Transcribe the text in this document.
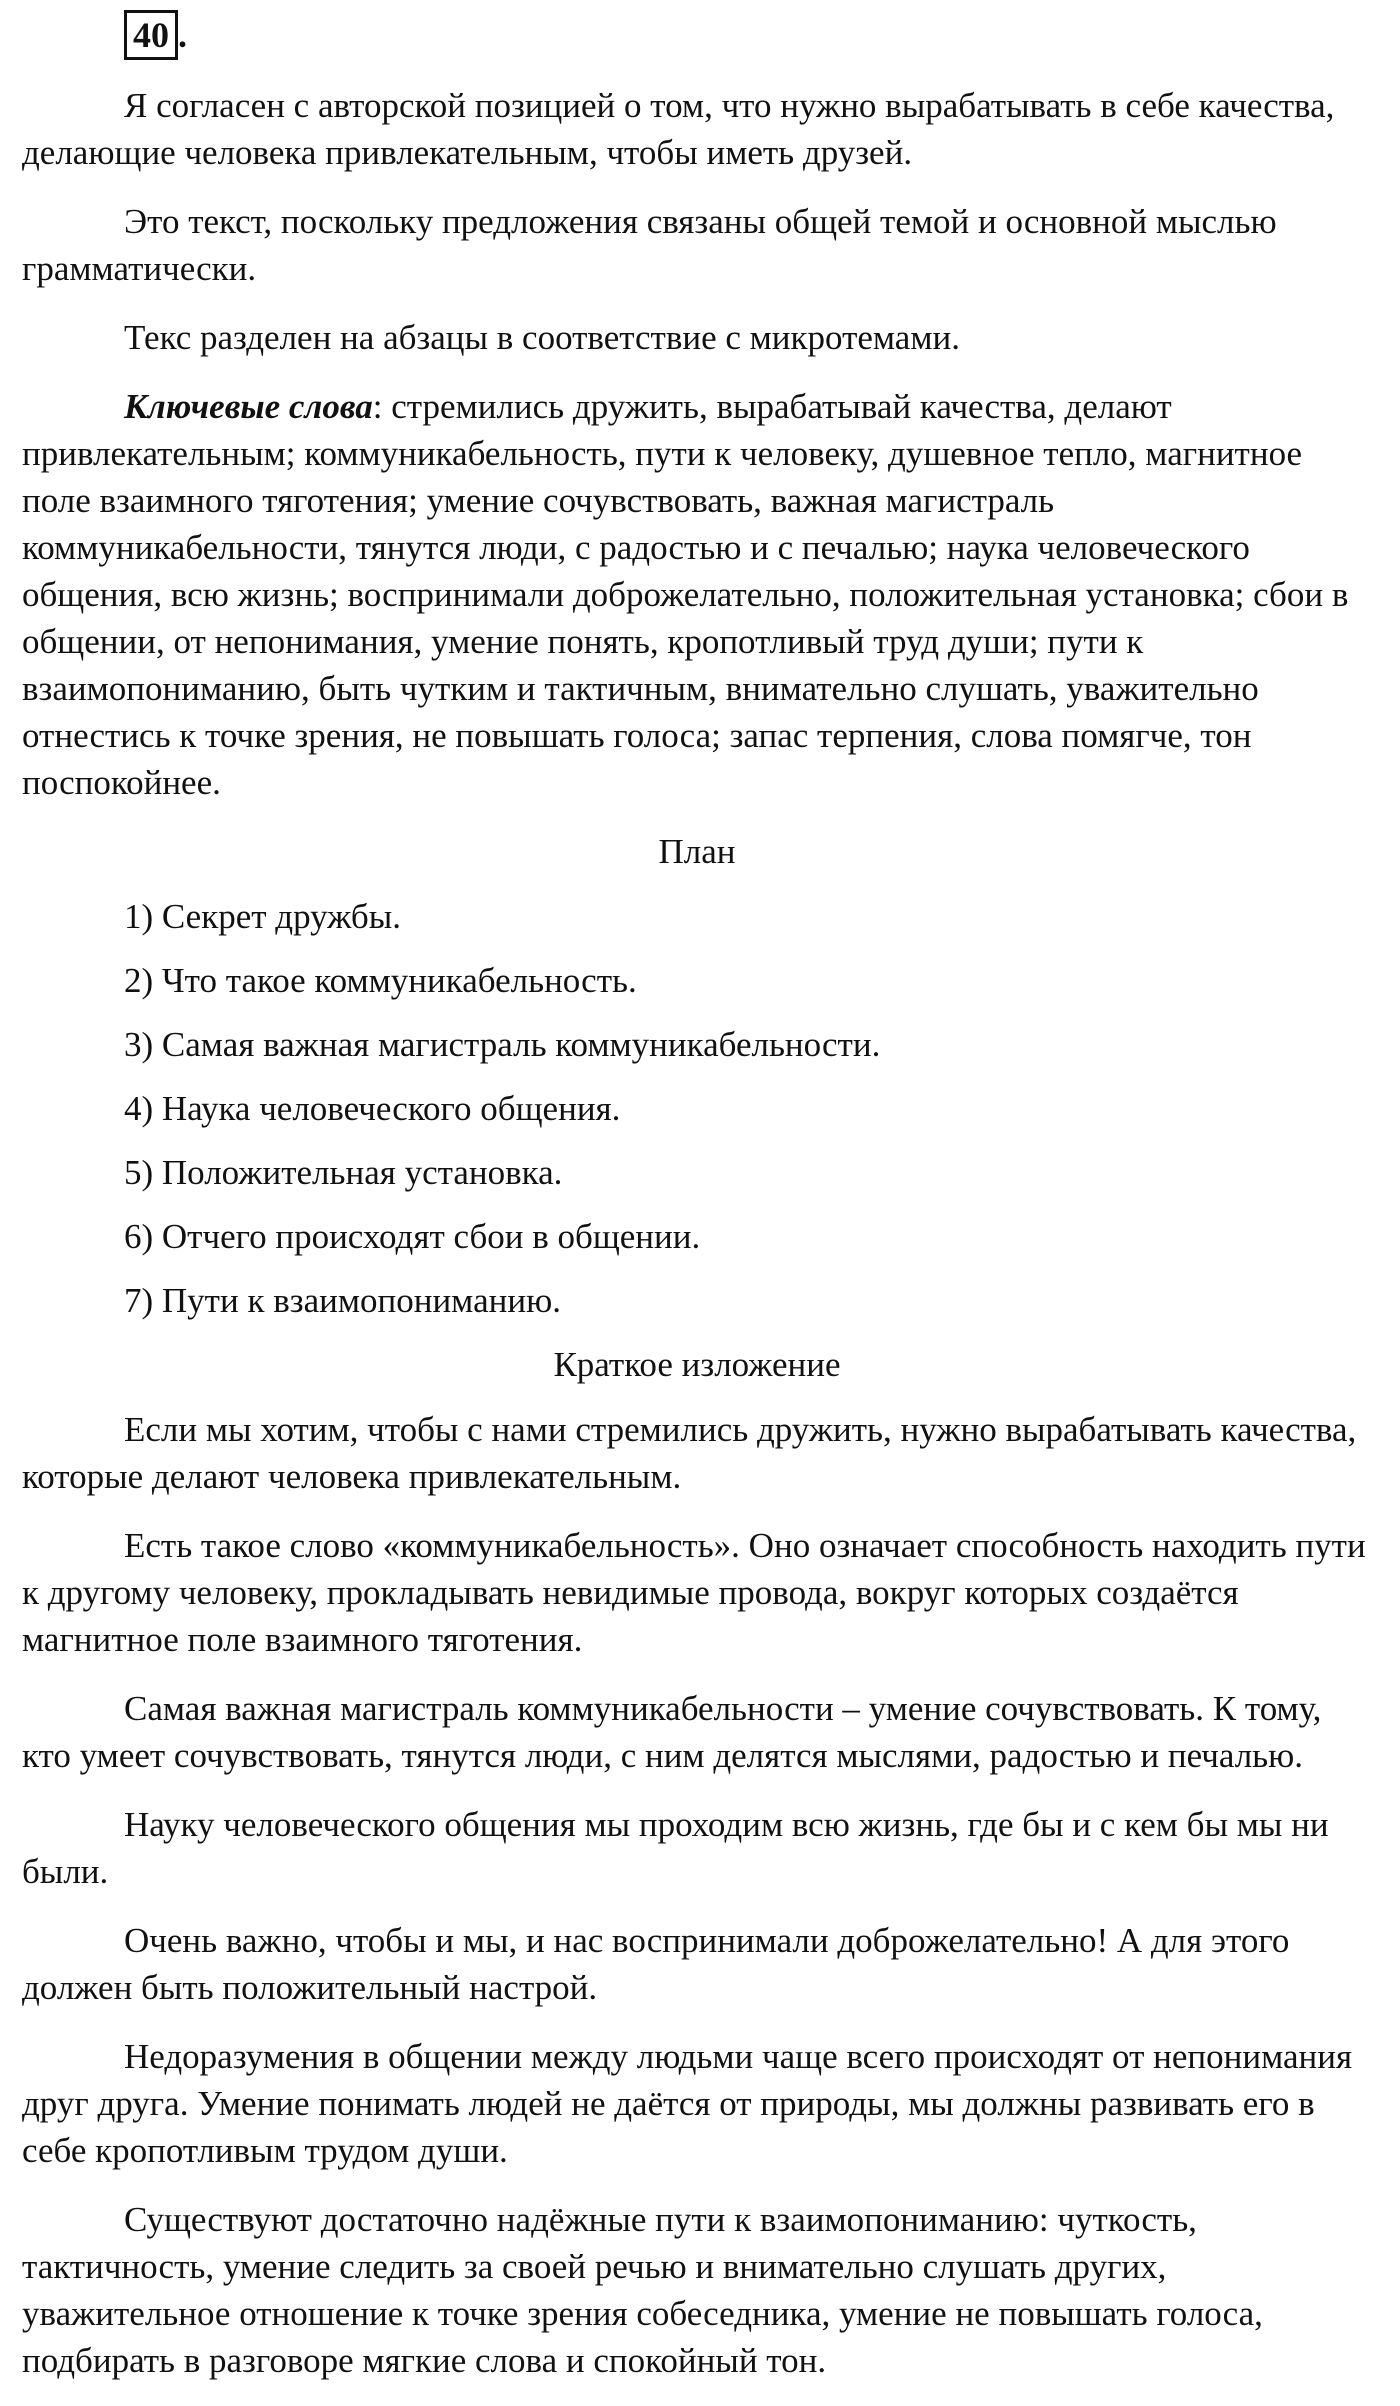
40 .

Я согласен с авторской позицией о том, что нужно вырабатывать в себе качества, делающие человека привлекательным, чтобы иметь друзей.

Это текст, поскольку предложения связаны общей темой и основной мыслью грамматически.

Текс разделен на абзацы в соответствие с микротемами.

Ключевые слова: стремились дружить, вырабатывай качества, делают привлекательным; коммуникабельность, пути к человеку, душевное тепло, магнитное поле взаимного тяготения; умение сочувствовать, важная магистраль коммуникабельности, тянутся люди, с радостью и с печалью; наука человеческого общения, всю жизнь; воспринимали доброжелательно, положительная установка; сбои в общении, от непонимания, умение понять, кропотливый труд души; пути к взаимопониманию, быть чутким и тактичным, внимательно слушать, уважительно отнестись к точке зрения, не повышать голоса; запас терпения, слова помягче, тон поспокойнее.

План

1) Секрет дружбы.

2) Что такое коммуникабельность.

3) Самая важная магистраль коммуникабельности.

4) Наука человеческого общения.

5) Положительная установка.

6) Отчего происходят сбои в общении.

7) Пути к взаимопониманию.

Краткое изложение

Если мы хотим, чтобы с нами стремились дружить, нужно вырабатывать качества, которые делают человека привлекательным.

Есть такое слово «коммуникабельность». Оно означает способность находить пути к другому человеку, прокладывать невидимые провода, вокруг которых создаётся магнитное поле взаимного тяготения.

Самая важная магистраль коммуникабельности – умение сочувствовать. К тому, кто умеет сочувствовать, тянутся люди, с ним делятся мыслями, радостью и печалью.

Науку человеческого общения мы проходим всю жизнь, где бы и с кем бы мы ни были.

Очень важно, чтобы и мы, и нас воспринимали доброжелательно! А для этого должен быть положительный настрой.

Недоразумения в общении между людьми чаще всего происходят от непонимания друг друга. Умение понимать людей не даётся от природы, мы должны развивать его в себе кропотливым трудом души.

Существуют достаточно надёжные пути к взаимопониманию: чуткость, тактичность, умение следить за своей речью и внимательно слушать других, уважительное отношение к точке зрения собеседника, умение не повышать голоса, подбирать в разговоре мягкие слова и спокойный тон.
